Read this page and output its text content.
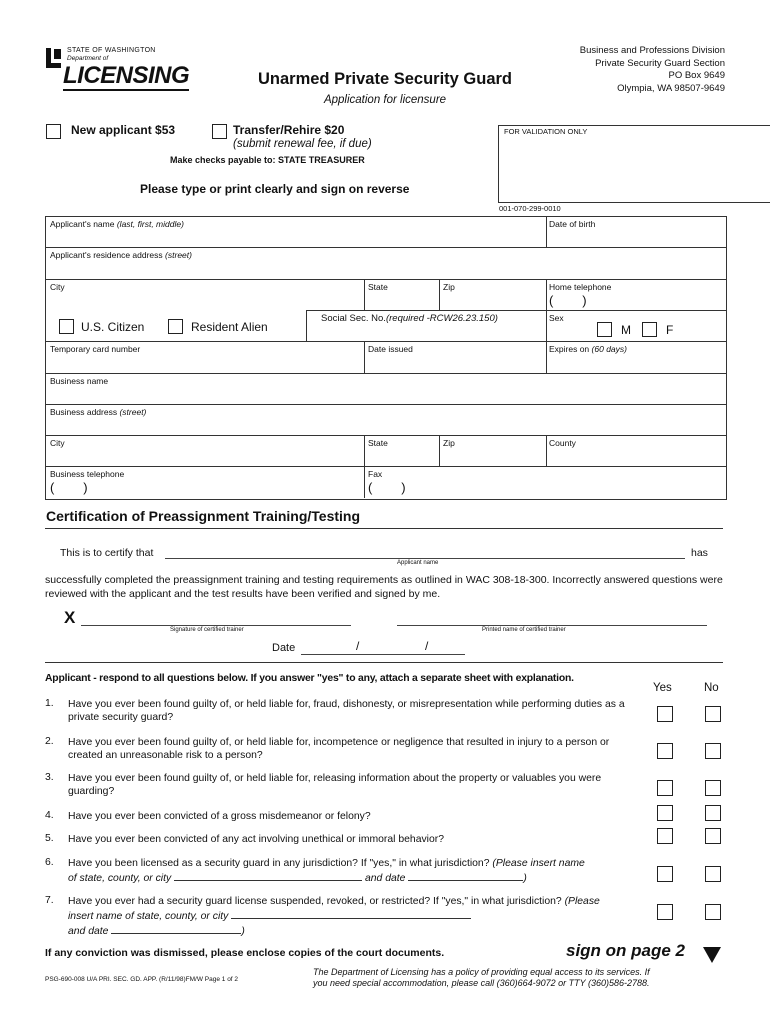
STATE OF WASHINGTON
Department of
LICENSING	Unarmed Private Security Guard
Application for licensure
Business and Professions Division
Private Security Guard Section
PO Box 9649
Olympia, WA 98507-9649
New applicant $53	Transfer/Rehire $20
(submit renewal fee, if due)
Make checks payable to: STATE TREASURER
FOR VALIDATION ONLY
001-070-299-0010
Please type or print clearly and sign on reverse
Applicant's name (last, first, middle)	Date of birth
Applicant's residence address (street)
City	State	Zip	Home telephone
(        )
U.S. Citizen	Resident Alien
Social Sec. No.(required -RCW26.23.150)	Sex
M	F
Temporary card number	Date issued	Expires on (60 days)
Business name
Business address (street)
City	State	Zip	County
Business telephone
(        )
Fax
(        )
Certification of Preassignment Training/Testing
This is to certify that	has
Applicant name
successfully completed the preassignment training and testing requirements as outlined in WAC 308-18-300. Incorrectly answered questions were reviewed with the applicant and the test results have been verified and signed by me.
X
Signature of certified trainer	Printed name of certified trainer
Date	/	/
Applicant - respond to all questions below. If you answer "yes" to any, attach a separate sheet with explanation.
Yes	No
1. Have you ever been found guilty of, or held liable for, fraud, dishonesty, or misrepresentation while performing duties as a private security guard?
2. Have you ever been found guilty of, or held liable for, incompetence or negligence that resulted in injury to a person or created an unreasonable risk to a person?
3. Have you ever been found guilty of, or held liable for, releasing information about the property or valuables you were guarding?
4. Have you ever been convicted of a gross misdemeanor or felony?
5. Have you ever been convicted of any act involving unethical or immoral behavior?
6. Have you been licensed as a security guard in any jurisdiction? If "yes," in what jurisdiction? (Please insert name
of state, county, or city	and date	)
7. Have you ever had a security guard license suspended, revoked, or restricted? If "yes," in what jurisdiction? (Please
insert name of state, county, or city
and date	)
If any conviction was dismissed, please enclose copies of the court documents.	sign on page 2
PSG-690-008 U/A PRI. SEC. GD. APP. (R/11/98)FM/W Page 1 of 2
The Department of Licensing has a policy of providing equal access to its services. If
you need special accommodation, please call (360)664-9072 or TTY (360)586-2788.
